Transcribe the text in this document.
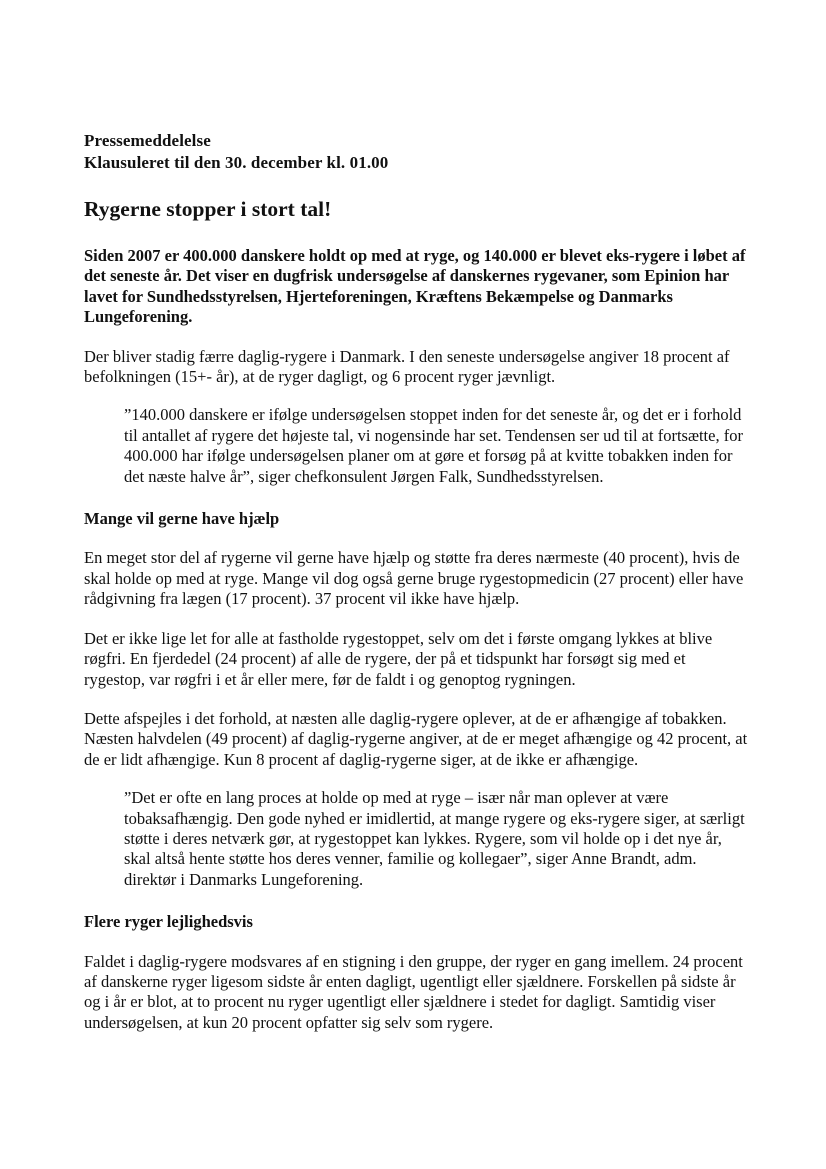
Pressemeddelelse

Klausuleret til den 30. december kl. 01.00

Rygerne stopper i stort tal!

Siden 2007 er 400.000 danskere holdt op med at ryge, og 140.000 er blevet eks-rygere i løbet af det seneste år. Det viser en dugfrisk undersøgelse af danskernes rygevaner, som Epinion har lavet for Sundhedsstyrelsen, Hjerteforeningen, Kræftens Bekæmpelse og Danmarks Lungeforening.

Der bliver stadig færre daglig-rygere i Danmark. I den seneste undersøgelse angiver 18 procent af befolkningen (15+- år), at de ryger dagligt, og 6 procent ryger jævnligt.

”140.000 danskere er ifølge undersøgelsen stoppet inden for det seneste år, og det er i forhold til antallet af rygere det højeste tal, vi nogensinde har set. Tendensen ser ud til at fortsætte, for 400.000 har ifølge undersøgelsen planer om at gøre et forsøg på at kvitte tobakken inden for det næste halve år”, siger chefkonsulent Jørgen Falk, Sundhedsstyrelsen.

Mange vil gerne have hjælp

En meget stor del af rygerne vil gerne have hjælp og støtte fra deres nærmeste (40 procent), hvis de skal holde op med at ryge. Mange vil dog også gerne bruge rygestopmedicin (27 procent) eller have rådgivning fra lægen (17 procent). 37 procent vil ikke have hjælp.

Det er ikke lige let for alle at fastholde rygestoppet, selv om det i første omgang lykkes at blive røgfri. En fjerdedel (24 procent) af alle de rygere, der på et tidspunkt har forsøgt sig med et rygestop, var røgfri i et år eller mere, før de faldt i og genoptog rygningen.

Dette afspejles i det forhold, at næsten alle daglig-rygere oplever, at de er afhængige af tobakken. Næsten halvdelen (49 procent) af daglig-rygerne angiver, at de er meget afhængige og 42 procent, at de er lidt afhængige. Kun 8 procent af daglig-rygerne siger, at de ikke er afhængige.

”Det er ofte en lang proces at holde op med at ryge – især når man oplever at være tobaksafhængig. Den gode nyhed er imidlertid, at mange rygere og eks-rygere siger, at særligt støtte i deres netværk gør, at rygestoppet kan lykkes. Rygere, som vil holde op i det nye år, skal altså hente støtte hos deres venner, familie og kollegaer”, siger Anne Brandt, adm. direktør i Danmarks Lungeforening.

Flere ryger lejlighedsvis

Faldet i daglig-rygere modsvares af en stigning i den gruppe, der ryger en gang imellem. 24 procent af danskerne ryger ligesom sidste år enten dagligt, ugentligt eller sjældnere. Forskellen på sidste år og i år er blot, at to procent nu ryger ugentligt eller sjældnere i stedet for dagligt. Samtidig viser undersøgelsen, at kun 20 procent opfatter sig selv som rygere.
